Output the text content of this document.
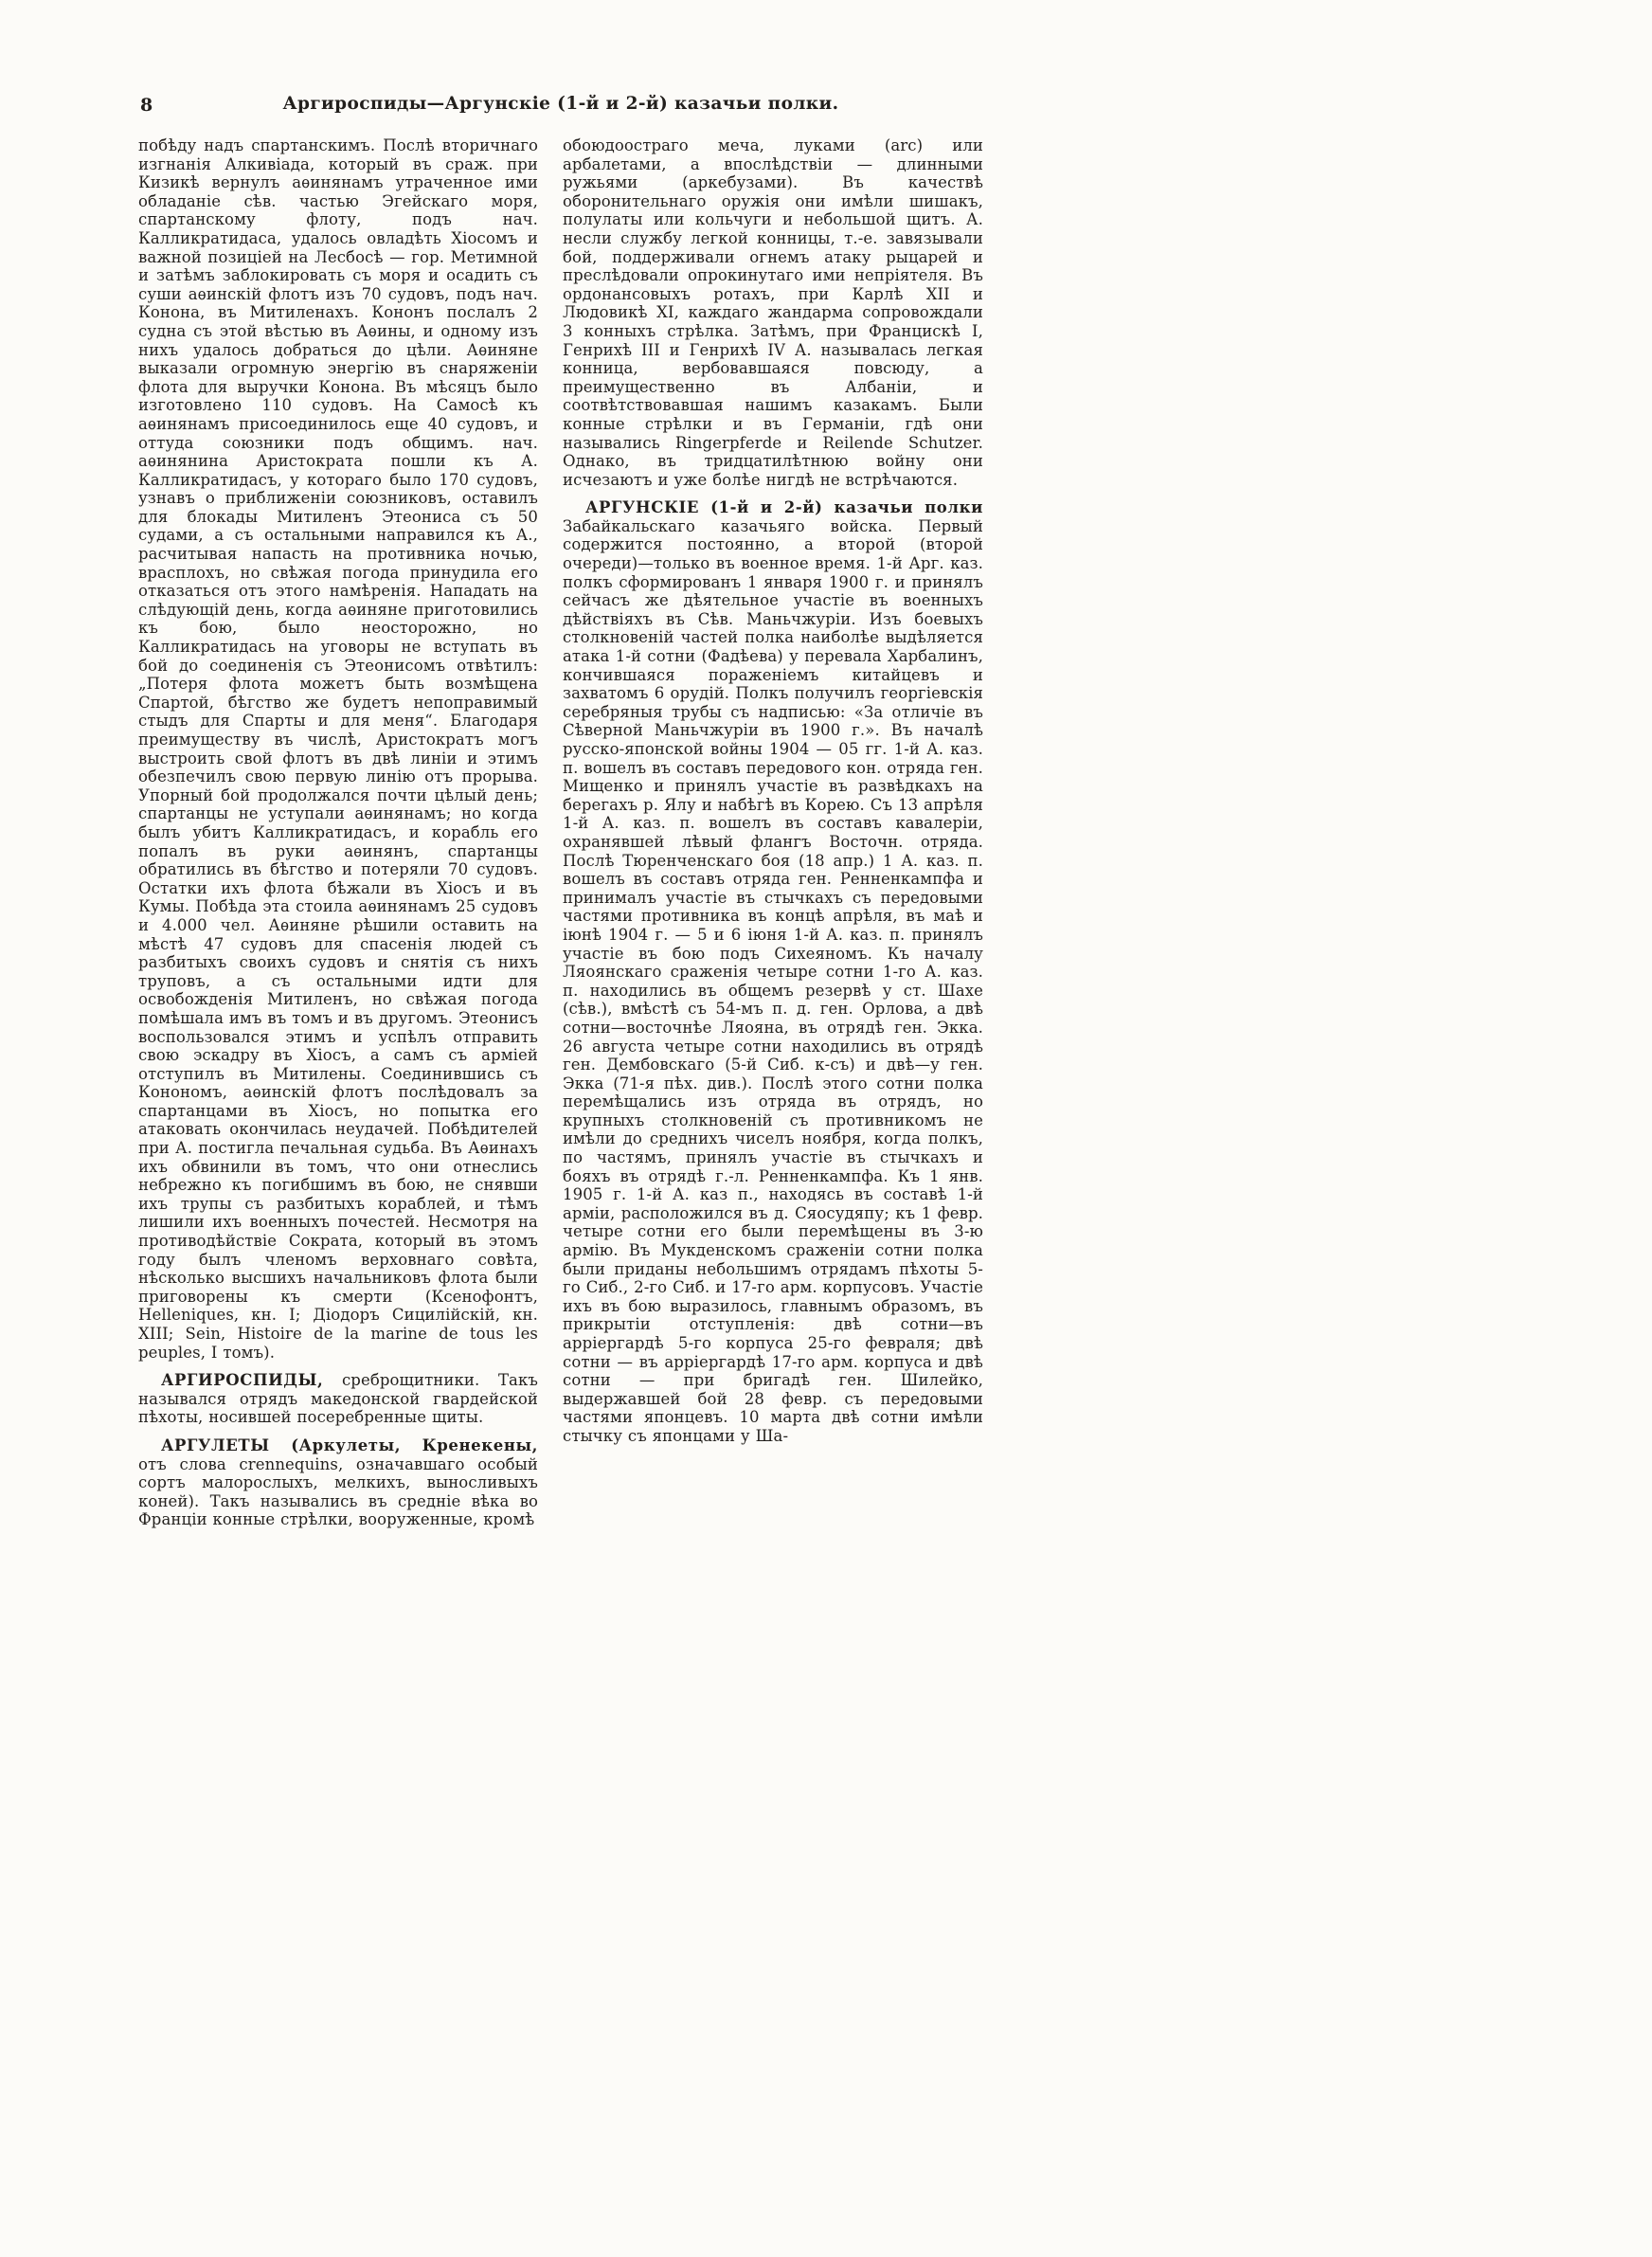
8	Аргироспиды—Аргунскіе (1-й и 2-й) казачьи полки.

побѣду надъ спартанскимъ. Послѣ вторичнаго изгнанія Алкивіада, который въ сраж. при Кизикѣ вернулъ аѳинянамъ утраченное ими обладаніе сѣв. частью Эгейскаго моря, спартанскому флоту, подъ нач. Калликратидаса, удалось овладѣть Хіосомъ и важной позиціей на Лесбосѣ — гор. Метимной и затѣмъ заблокировать съ моря и осадить съ суши аѳинскій флотъ изъ 70 судовъ, подъ нач. Конона, въ Митиленахъ. Кононъ послалъ 2 судна съ этой вѣстью въ Аѳины, и одному изъ нихъ удалось добраться до цѣли. Аѳиняне выказали огромную энергію въ снаряженіи флота для выручки Конона. Въ мѣсяцъ было изготовлено 110 судовъ. На Самосѣ къ аѳинянамъ присоединилось еще 40 судовъ, и оттуда союзники подъ общимъ. нач. аѳинянина Аристократа пошли къ А. Калликратидасъ, у котораго было 170 судовъ, узнавъ о приближеніи союзниковъ, оставилъ для блокады Митиленъ Этеониса съ 50 судами, а съ остальными направился къ А., расчитывая напасть на противника ночью, врасплохъ, но свѣжая погода принудила его отказаться отъ этого намѣренія. Нападать на слѣдующій день, когда аѳиняне приготовились къ бою, было неосторожно, но Калликратидась на уговоры не вступать въ бой до соединенія съ Этеонисомъ отвѣтилъ: „Потеря флота можетъ быть возмѣщена Спартой, бѣгство же будетъ непоправимый стыдъ для Спарты и для меня“. Благодаря преимуществу въ числѣ, Аристократъ могъ выстроить свой флотъ въ двѣ линіи и этимъ обезпечилъ свою первую линію отъ прорыва. Упорный бой продолжался почти цѣлый день; спартанцы не уступали аѳинянамъ; но когда былъ убитъ Калликратидасъ, и корабль его попалъ въ руки аѳинянъ, спартанцы обратились въ бѣгство и потеряли 70 судовъ. Остатки ихъ флота бѣжали въ Хіосъ и въ Кумы. Побѣда эта стоила аѳинянамъ 25 судовъ и 4.000 чел. Аѳиняне рѣшили оставить на мѣстѣ 47 судовъ для спасенія людей съ разбитыхъ своихъ судовъ и снятія съ нихъ труповъ, а съ остальными идти для освобожденія Митиленъ, но свѣжая погода помѣшала имъ въ томъ и въ другомъ. Этеонисъ воспользовался этимъ и успѣлъ отправить свою эскадру въ Хіосъ, а самъ съ арміей отступилъ въ Митилены. Соединившись съ Конономъ, аѳинскій флотъ послѣдовалъ за спартанцами въ Хіосъ, но попытка его атаковать окончилась неудачей. Побѣдителей при А. постигла печальная судьба. Въ Аѳинахъ ихъ обвинили въ томъ, что они отнеслись небрежно къ погибшимъ въ бою, не снявши ихъ трупы съ разбитыхъ кораблей, и тѣмъ лишили ихъ военныхъ почестей. Несмотря на противодѣйствіе Сократа, который въ этомъ году былъ членомъ верховнаго совѣта, нѣсколько высшихъ начальниковъ флота были приговорены къ смерти (Ксенофонтъ, Helleniques, кн. I; Діодоръ Сицилійскій, кн. XIII; Sein, Histoire de la marine de tous les peuples, I томъ).

АРГИРОСПИДЫ, среброщитники. Такъ назывался отрядъ македонской гвардейской пѣхоты, носившей посеребренные щиты.

АРГУЛЕТЫ (Аркулеты, Кренекены, отъ слова crennequins, означавшаго особый сортъ малорослыхъ, мелкихъ, выносливыхъ коней). Такъ назывались въ средніе вѣка во Франціи конные стрѣлки, вооруженные, кромѣ

обоюдоостраго меча, луками (arc) или арбалетами, а впослѣдствіи — длинными ружьями (аркебузами). Въ качествѣ оборонительнаго оружія они имѣли шишакъ, полулаты или кольчуги и небольшой щитъ. А. несли службу легкой конницы, т.-е. завязывали бой, поддерживали огнемъ атаку рыцарей и преслѣдовали опрокинутаго ими непріятеля. Въ ордонансовыхъ ротахъ, при Карлѣ XII и Людовикѣ XI, каждаго жандарма сопровождали 3 конныхъ стрѣлка. Затѣмъ, при Францискѣ I, Генрихѣ III и Генрихѣ IV А. называлась легкая конница, вербовавшаяся повсюду, а преимущественно въ Албаніи, и соотвѣтствовавшая нашимъ казакамъ. Были конные стрѣлки и въ Германіи, гдѣ они назывались Ringerpferde и Reilende Schutzer. Однако, въ тридцатилѣтнюю войну они исчезаютъ и уже болѣе нигдѣ не встрѣчаются.

АРГУНСКІЕ (1-й и 2-й) казачьи полки Забайкальскаго казачьяго войска. Первый содержится постоянно, а второй (второй очереди)—только въ военное время. 1-й Арг. каз. полкъ сформированъ 1 января 1900 г. и принялъ сейчасъ же дѣятельное участіе въ военныхъ дѣйствіяхъ въ Сѣв. Маньчжуріи. Изъ боевыхъ столкновеній частей полка наиболѣе выдѣляется атака 1-й сотни (Фадѣева) у перевала Харбалинъ, кончившаяся пораженіемъ китайцевъ и захватомъ 6 орудій. Полкъ получилъ георгіевскія серебряныя трубы съ надписью: «За отличіе въ Сѣверной Маньчжуріи въ 1900 г.». Въ началѣ русско-японской войны 1904 — 05 гг. 1-й А. каз. п. вошелъ въ составъ передового кон. отряда ген. Мищенко и принялъ участіе въ развѣдкахъ на берегахъ р. Ялу и набѣгѣ въ Корею. Съ 13 апрѣля 1-й А. каз. п. вошелъ въ составъ кавалеріи, охранявшей лѣвый флангъ Восточн. отряда. Послѣ Тюренченскаго боя (18 апр.) 1 А. каз. п. вошелъ въ составъ отряда ген. Ренненкампфа и принималъ участіе въ стычкахъ съ передовыми частями противника въ концѣ апрѣля, въ маѣ и іюнѣ 1904 г. — 5 и 6 іюня 1-й А. каз. п. принялъ участіе въ бою подъ Сихеяномъ. Къ началу Ляоянскаго сраженія четыре сотни 1-го А. каз. п. находились въ общемъ резервѣ у ст. Шахе (сѣв.), вмѣстѣ съ 54-мъ п. д. ген. Орлова, а двѣ сотни—восточнѣе Ляояна, въ отрядѣ ген. Экка. 26 августа четыре сотни находились въ отрядѣ ген. Дембовскаго (5-й Сиб. к-съ) и двѣ—у ген. Экка (71-я пѣх. див.). Послѣ этого сотни полка перемѣщались изъ отряда въ отрядъ, но крупныхъ столкновеній съ противникомъ не имѣли до среднихъ чиселъ ноября, когда полкъ, по частямъ, принялъ участіе въ стычкахъ и бояхъ въ отрядѣ г.-л. Ренненкампфа. Къ 1 янв. 1905 г. 1-й А. каз п., находясь въ составѣ 1-й арміи, расположился въ д. Сяосудяпу; къ 1 февр. четыре сотни его были перемѣщены въ 3-ю армію. Въ Мукденскомъ сраженіи сотни полка были приданы небольшимъ отрядамъ пѣхоты 5-го Сиб., 2-го Сиб. и 17-го арм. корпусовъ. Участіе ихъ въ бою выразилось, главнымъ образомъ, въ прикрытіи отступленія: двѣ сотни—въ арріергардѣ 5-го корпуса 25-го февраля; двѣ сотни — въ арріергардѣ 17-го арм. корпуса и двѣ сотни — при бригадѣ ген. Шилейко, выдержавшей бой 28 февр. съ передовыми частями японцевъ. 10 марта двѣ сотни имѣли стычку съ японцами у Ша-
